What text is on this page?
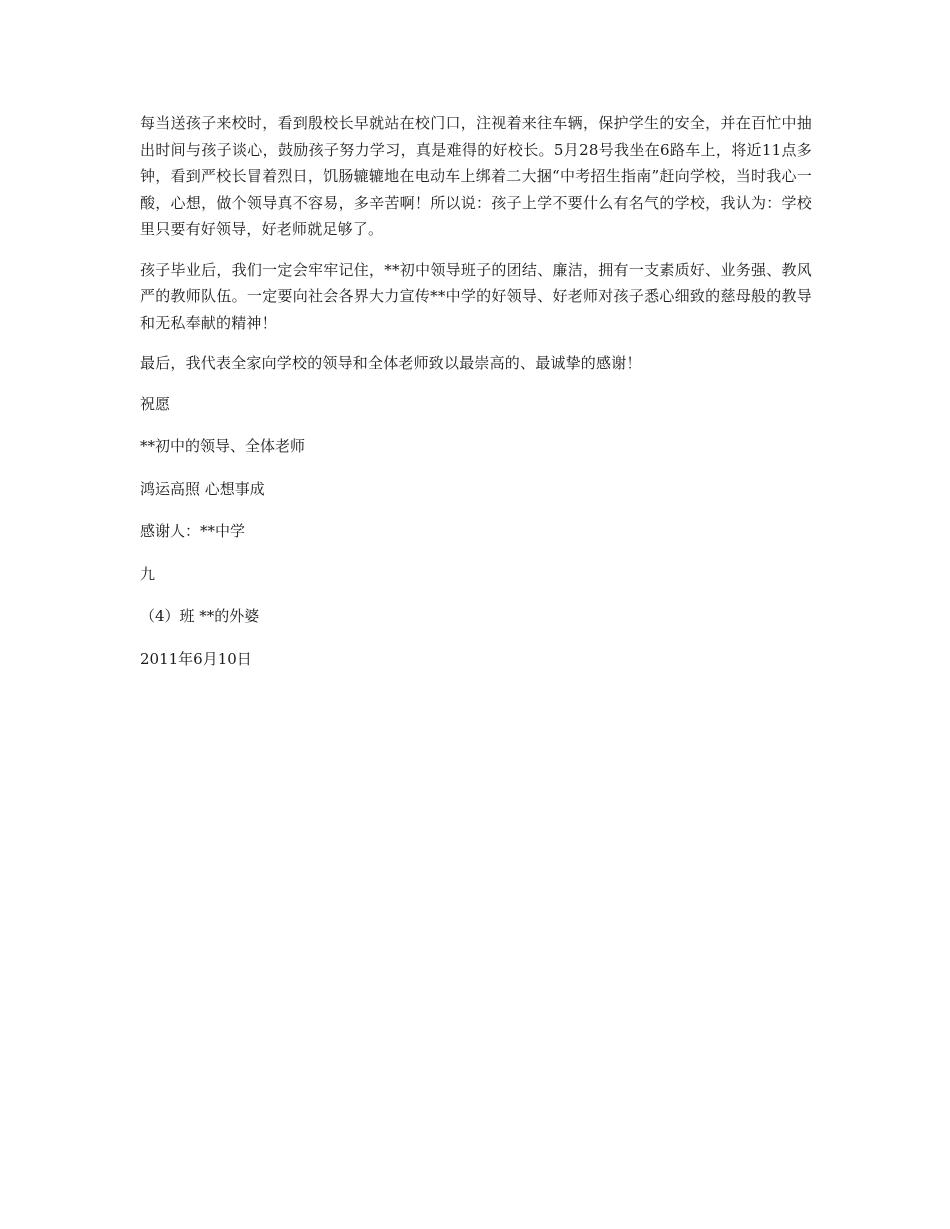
每当送孩子来校时，看到殷校长早就站在校门口，注视着来往车辆，保护学生的安全，并在百忙中抽出时间与孩子谈心，鼓励孩子努力学习，真是难得的好校长。5月28号我坐在6路车上，将近11点多钟，看到严校长冒着烈日，饥肠辘辘地在电动车上绑着二大捆“中考招生指南”赶向学校，当时我心一酸，心想，做个领导真不容易，多辛苦啊！所以说：孩子上学不要什么有名气的学校，我认为：学校里只要有好领导，好老师就足够了。

孩子毕业后，我们一定会牢牢记住，**初中领导班子的团结、廉洁，拥有一支素质好、业务强、教风严的教师队伍。一定要向社会各界大力宣传**中学的好领导、好老师对孩子悉心细致的慈母般的教导和无私奉献的精神！

最后，我代表全家向学校的领导和全体老师致以最崇高的、最诚挚的感谢！

祝愿

**初中的领导、全体老师

鸿运高照 心想事成

感谢人：**中学

九

（4）班 **的外婆

2011年6月10日
